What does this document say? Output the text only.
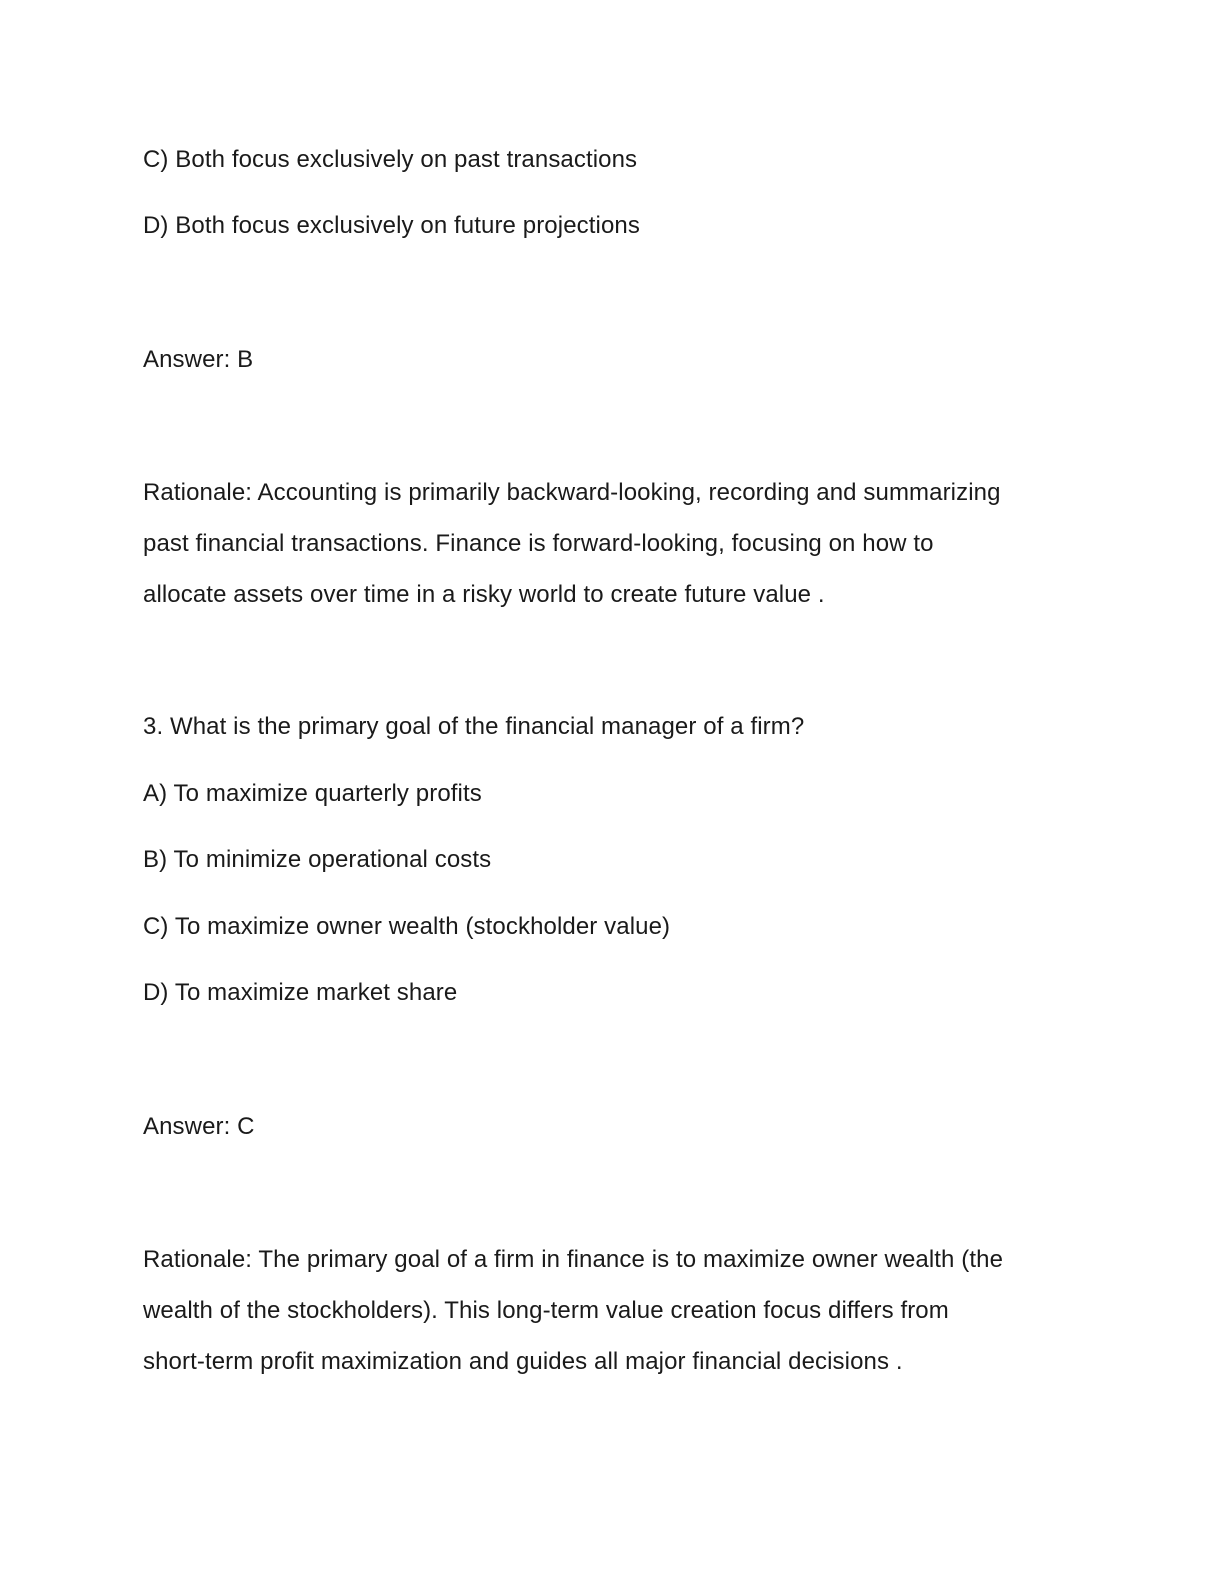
C) Both focus exclusively on past transactions
D) Both focus exclusively on future projections
Answer: B
Rationale: Accounting is primarily backward-looking, recording and summarizing
past financial transactions. Finance is forward-looking, focusing on how to
allocate assets over time in a risky world to create future value .
3. What is the primary goal of the financial manager of a firm?
A) To maximize quarterly profits
B) To minimize operational costs
C) To maximize owner wealth (stockholder value)
D) To maximize market share
Answer: C
Rationale: The primary goal of a firm in finance is to maximize owner wealth (the
wealth of the stockholders). This long-term value creation focus differs from
short-term profit maximization and guides all major financial decisions .
